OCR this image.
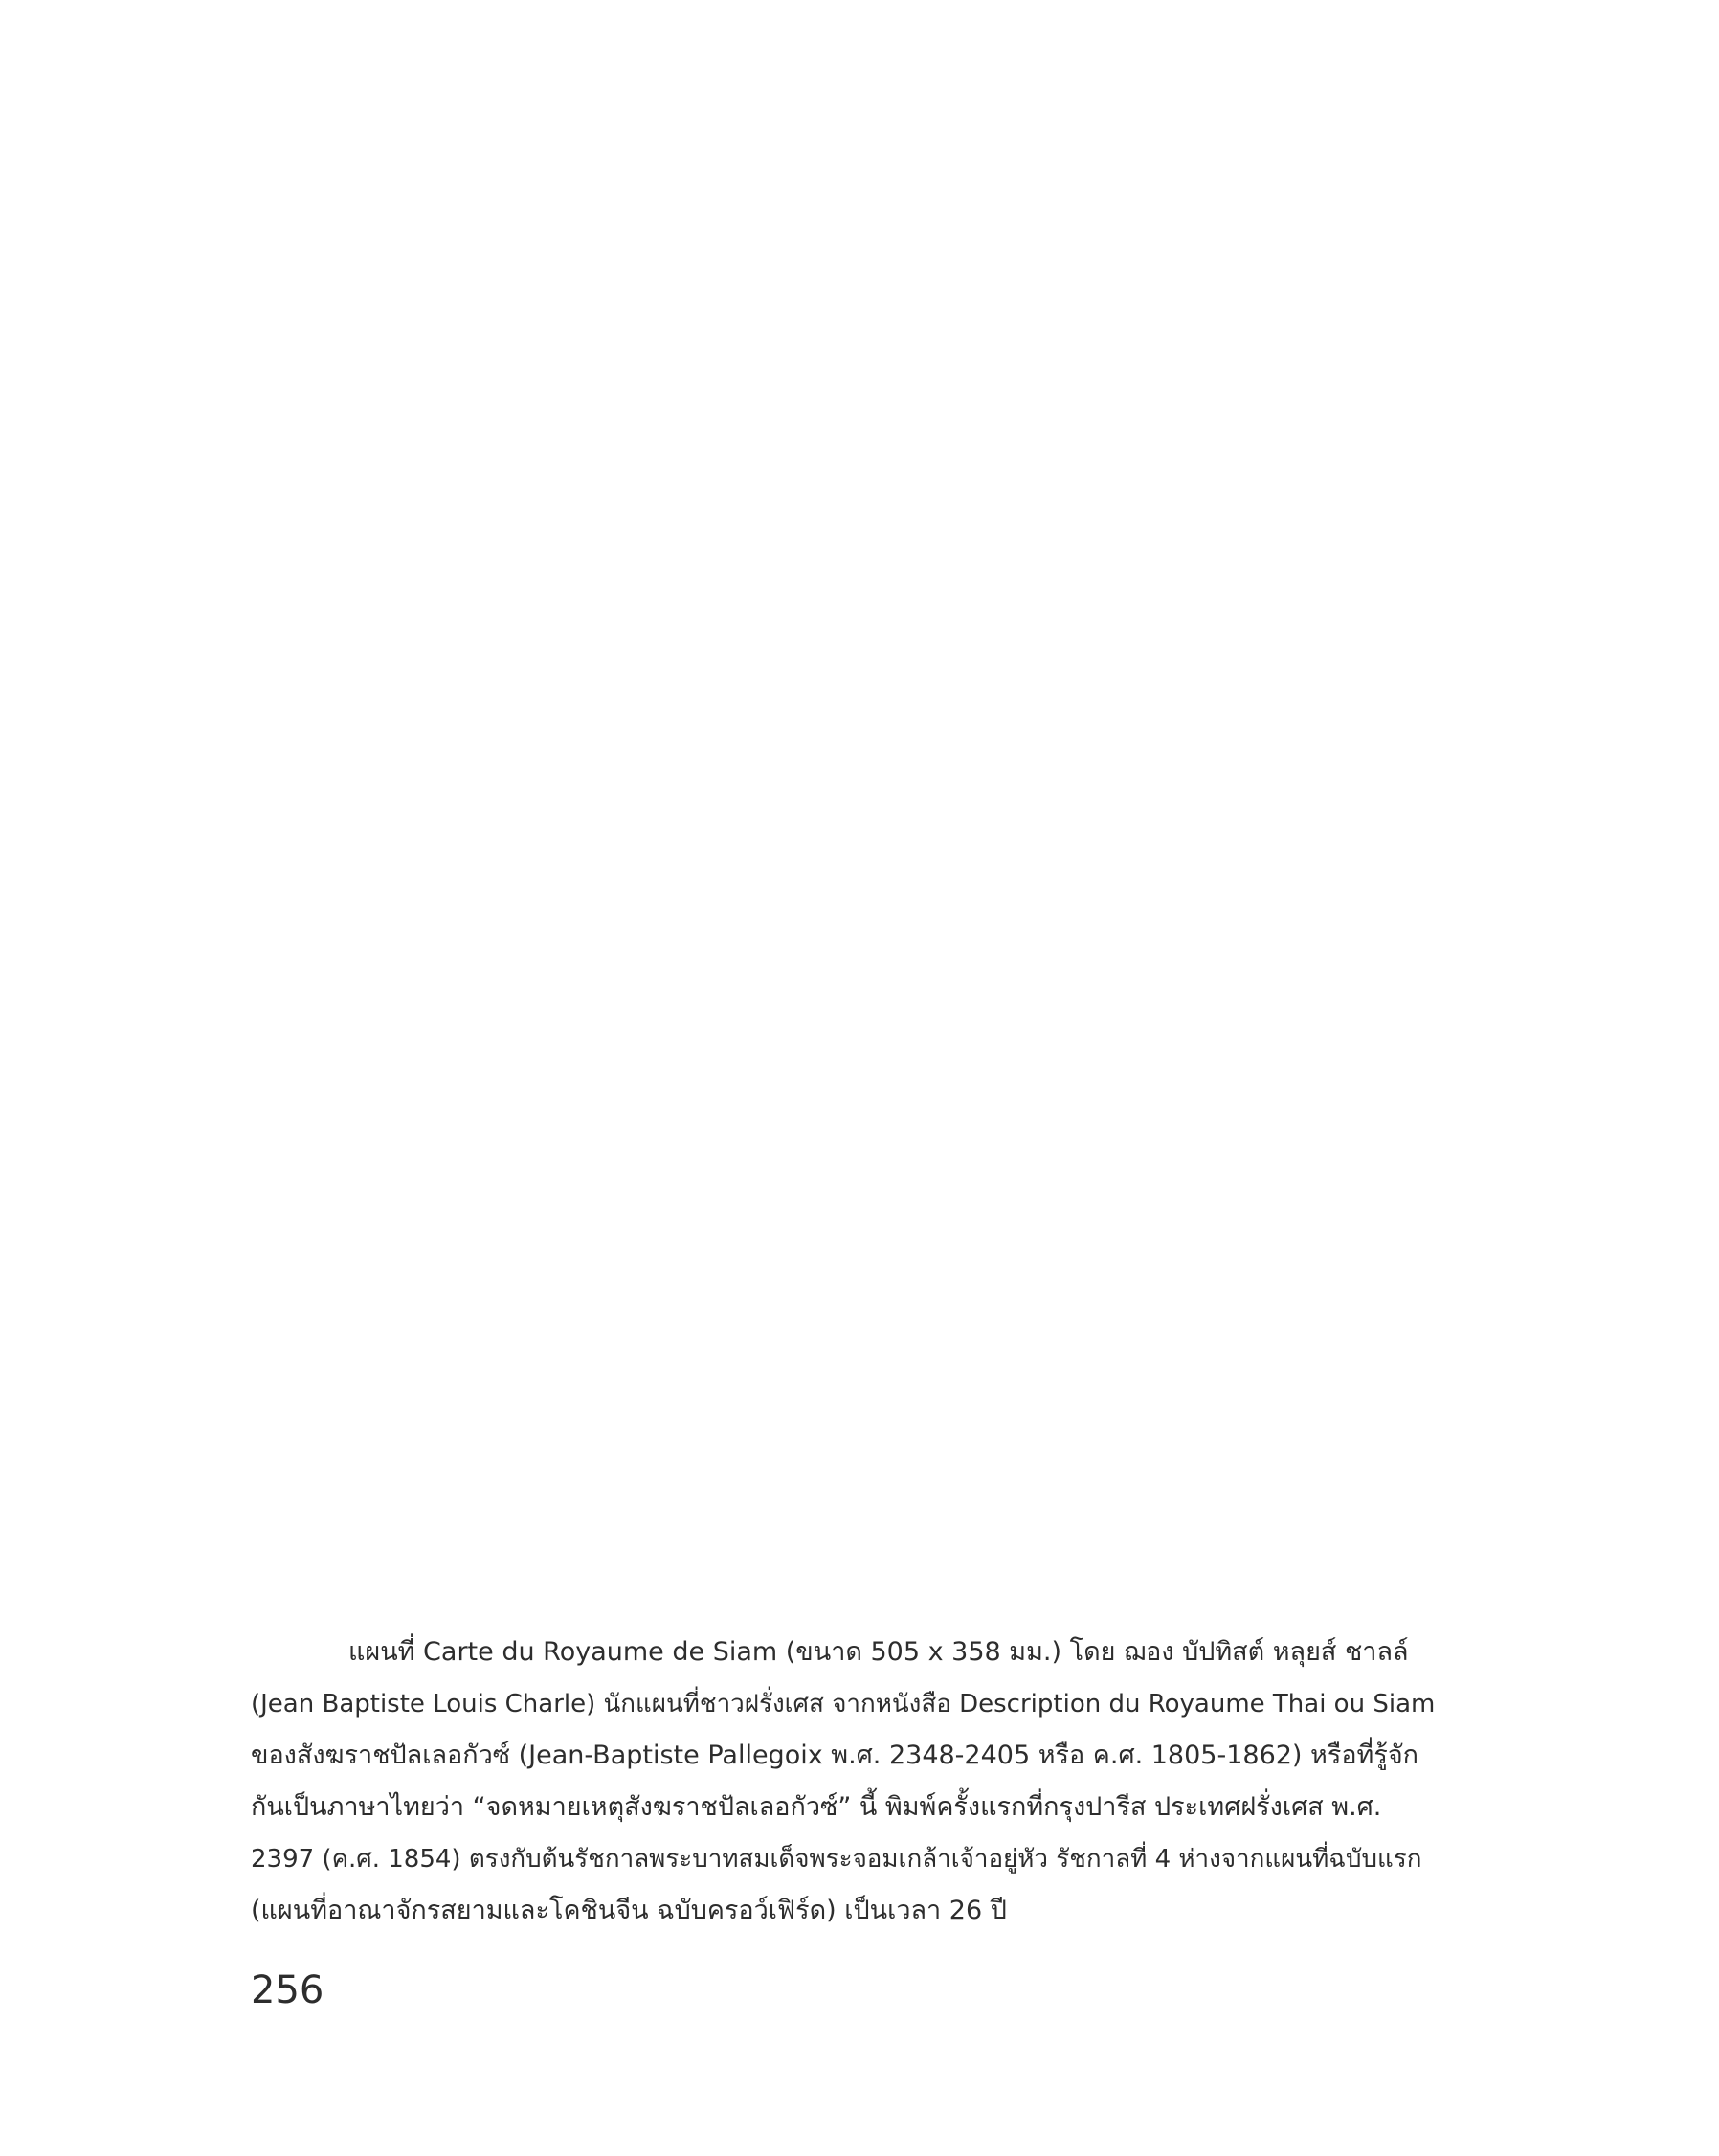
แผนที่ Carte du Royaume de Siam (ขนาด 505 x 358 มม.) โดย ฌอง บัปทิสต์ หลุยส์ ชาลล์
(Jean Baptiste Louis Charle) นักแผนที่ชาวฝรั่งเศส จากหนังสือ Description du Royaume Thai ou Siam
ของสังฆราชปัลเลอกัวซ์ (Jean-Baptiste Pallegoix พ.ศ. 2348-2405 หรือ ค.ศ. 1805-1862) หรือที่รู้จัก
กันเป็นภาษาไทยว่า “จดหมายเหตุสังฆราชปัลเลอกัวซ์” นี้ พิมพ์ครั้งแรกที่กรุงปารีส ประเทศฝรั่งเศส พ.ศ.
2397 (ค.ศ. 1854) ตรงกับต้นรัชกาลพระบาทสมเด็จพระจอมเกล้าเจ้าอยู่หัว รัชกาลที่ 4 ห่างจากแผนที่ฉบับแรก
(แผนที่อาณาจักรสยามและโคชินจีน ฉบับครอว์เฟิร์ด) เป็นเวลา 26 ปี
256
